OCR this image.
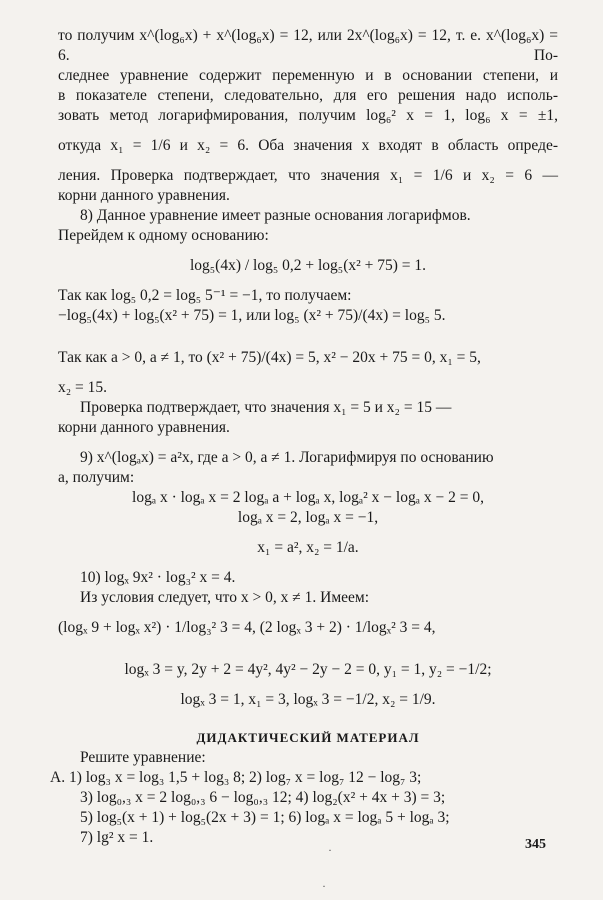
то получим x^(log₆x) + x^(log₆x) = 12, или 2x^(log₆x) = 12, т. е. x^(log₆x) = 6. По-
следнее уравнение содержит переменную и в основании степени, и
в показателе степени, следовательно, для его решения надо исполь-
зовать метод логарифмирования, получим log₆² x = 1, log₆ x = ±1,
откуда x₁ = 1/6 и x₂ = 6. Оба значения x входят в область опреде-
ления. Проверка подтверждает, что значения x₁ = 1/6 и x₂ = 6 —
корни данного уравнения.
8) Данное уравнение имеет разные основания логарифмов.
Перейдем к одному основанию:
log₅(4x) / log₅ 0,2 + log₅(x² + 75) = 1.
Так как log₅ 0,2 = log₅ 5⁻¹ = −1, то получаем:
−log₅(4x) + log₅(x² + 75) = 1, или log₅ (x² + 75)/(4x) = log₅ 5.
Так как a > 0, a ≠ 1, то (x² + 75)/(4x) = 5, x² − 20x + 75 = 0, x₁ = 5,
x₂ = 15.
Проверка подтверждает, что значения x₁ = 5 и x₂ = 15 —
корни данного уравнения.
9) x^(logₐx) = a²x, где a > 0, a ≠ 1. Логарифмируя по основанию
a, получим:
logₐ x · logₐ x = 2 logₐ a + logₐ x, logₐ² x − logₐ x − 2 = 0,
logₐ x = 2, logₐ x = −1,
x₁ = a², x₂ = 1/a.
10) logₓ 9x² · log₃² x = 4.
Из условия следует, что x > 0, x ≠ 1. Имеем:
(logₓ 9 + logₓ x²) · 1/log₃² 3 = 4, (2 logₓ 3 + 2) · 1/logₓ² 3 = 4,
logₓ 3 = y, 2y + 2 = 4y², 4y² − 2y − 2 = 0, y₁ = 1, y₂ = −1/2;
logₓ 3 = 1, x₁ = 3, logₓ 3 = −1/2, x₂ = 1/9.
ДИДАКТИЧЕСКИЙ МАТЕРИАЛ
Решите уравнение:
A. 1) log₃ x = log₃ 1,5 + log₃ 8; 2) log₇ x = log₇ 12 − log₇ 3;
3) log₀,₃ x = 2 log₀,₃ 6 − log₀,₃ 12; 4) log₂(x² + 4x + 3) = 3;
5) log₅(x + 1) + log₅(2x + 3) = 1; 6) logₐ x = logₐ 5 + logₐ 3;
7) lg² x = 1.	345
·
·
